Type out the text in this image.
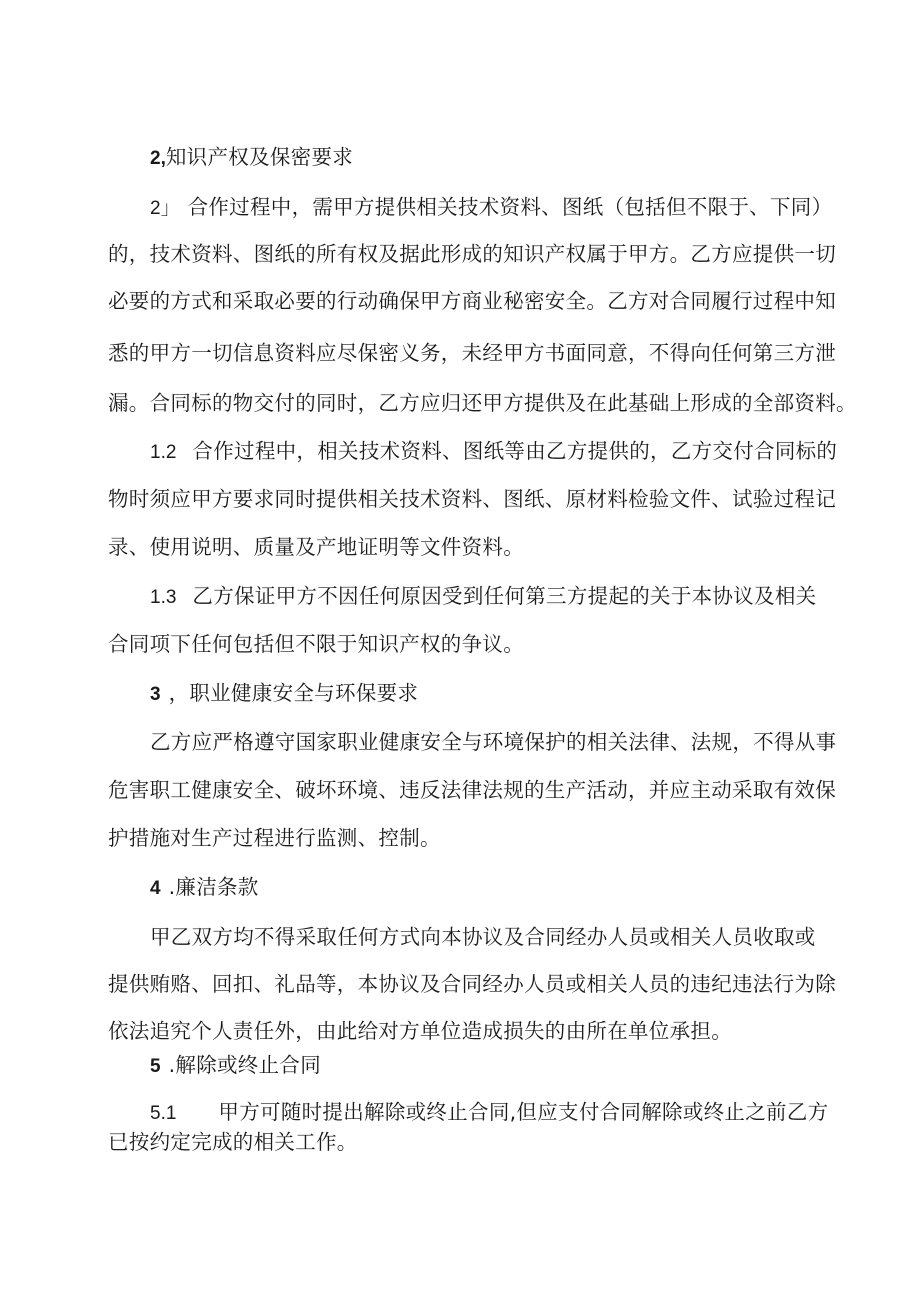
2,知识产权及保密要求
2」 合作过程中，需甲方提供相关技术资料、图纸（包括但不限于、下同）
的，技术资料、图纸的所有权及据此形成的知识产权属于甲方。乙方应提供一切
必要的方式和采取必要的行动确保甲方商业秘密安全。乙方对合同履行过程中知
悉的甲方一切信息资料应尽保密义务，未经甲方书面同意，不得向任何第三方泄
漏。合同标的物交付的同时，乙方应归还甲方提供及在此基础上形成的全部资料。
1.2 合作过程中，相关技术资料、图纸等由乙方提供的，乙方交付合同标的
物时须应甲方要求同时提供相关技术资料、图纸、原材料检验文件、试验过程记
录、使用说明、质量及产地证明等文件资料。
1.3 乙方保证甲方不因任何原因受到任何第三方提起的关于本协议及相关
合同项下任何包括但不限于知识产权的争议。
3 ，职业健康安全与环保要求
乙方应严格遵守国家职业健康安全与环境保护的相关法律、法规，不得从事
危害职工健康安全、破坏环境、违反法律法规的生产活动，并应主动采取有效保
护措施对生产过程进行监测、控制。
4 .廉洁条款
甲乙双方均不得采取任何方式向本协议及合同经办人员或相关人员收取或
提供贿赂、回扣、礼品等，本协议及合同经办人员或相关人员的违纪违法行为除
依法追究个人责任外，由此给对方单位造成损失的由所在单位承担。
5 .解除或终止合同
5.1 甲方可随时提出解除或终止合同,但应支付合同解除或终止之前乙方
已按约定完成的相关工作。
